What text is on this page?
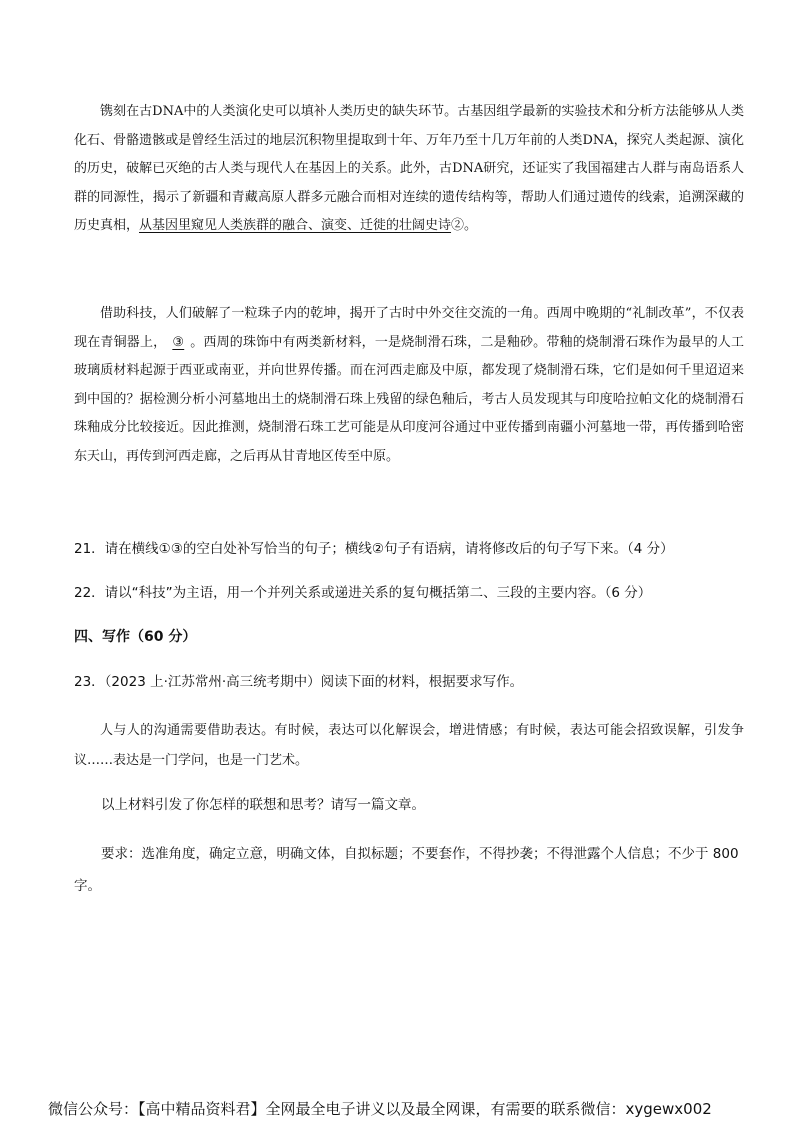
镌刻在古DNA中的人类演化史可以填补人类历史的缺失环节。古基因组学最新的实验技术和分析方法能够从人类化石、骨骼遗骸或是曾经生活过的地层沉积物里提取到十年、万年乃至十几万年前的人类DNA，探究人类起源、演化的历史，破解已灭绝的古人类与现代人在基因上的关系。此外，古DNA研究，还证实了我国福建古人群与南岛语系人群的同源性，揭示了新疆和青藏高原人群多元融合而相对连续的遗传结构等，帮助人们通过遗传的线索，追溯深藏的历史真相，从基因里窥见人类族群的融合、演变、迁徙的壮阔史诗②。
借助科技，人们破解了一粒珠子内的乾坤，揭开了古时中外交往交流的一角。西周中晚期的“礼制改革”，不仅表现在青铜器上， ③ 。西周的珠饰中有两类新材料，一是烧制滑石珠，二是釉砂。带釉的烧制滑石珠作为最早的人工玻璃质材料起源于西亚或南亚，并向世界传播。而在河西走廊及中原，都发现了烧制滑石珠，它们是如何千里迢迢来到中国的？据检测分析小河墓地出土的烧制滑石珠上残留的绿色釉后，考古人员发现其与印度哈拉帕文化的烧制滑石珠釉成分比较接近。因此推测，烧制滑石珠工艺可能是从印度河谷通过中亚传播到南疆小河墓地一带，再传播到哈密东天山，再传到河西走廊，之后再从甘青地区传至中原。
21．请在横线①③的空白处补写恰当的句子；横线②句子有语病，请将修改后的句子写下来。（4 分）
22．请以“科技”为主语，用一个并列关系或递进关系的复句概括第二、三段的主要内容。（6 分）
四、写作（60 分）
23．（2023 上·江苏常州·高三统考期中）阅读下面的材料，根据要求写作。
人与人的沟通需要借助表达。有时候，表达可以化解误会，增进情感；有时候，表达可能会招致误解，引发争议……表达是一门学问，也是一门艺术。
以上材料引发了你怎样的联想和思考？请写一篇文章。
要求：选准角度，确定立意，明确文体，自拟标题；不要套作，不得抄袭；不得泄露个人信息；不少于 800 字。
微信公众号：【高中精品资料君】全网最全电子讲义以及最全网课，有需要的联系微信：xygewx002
